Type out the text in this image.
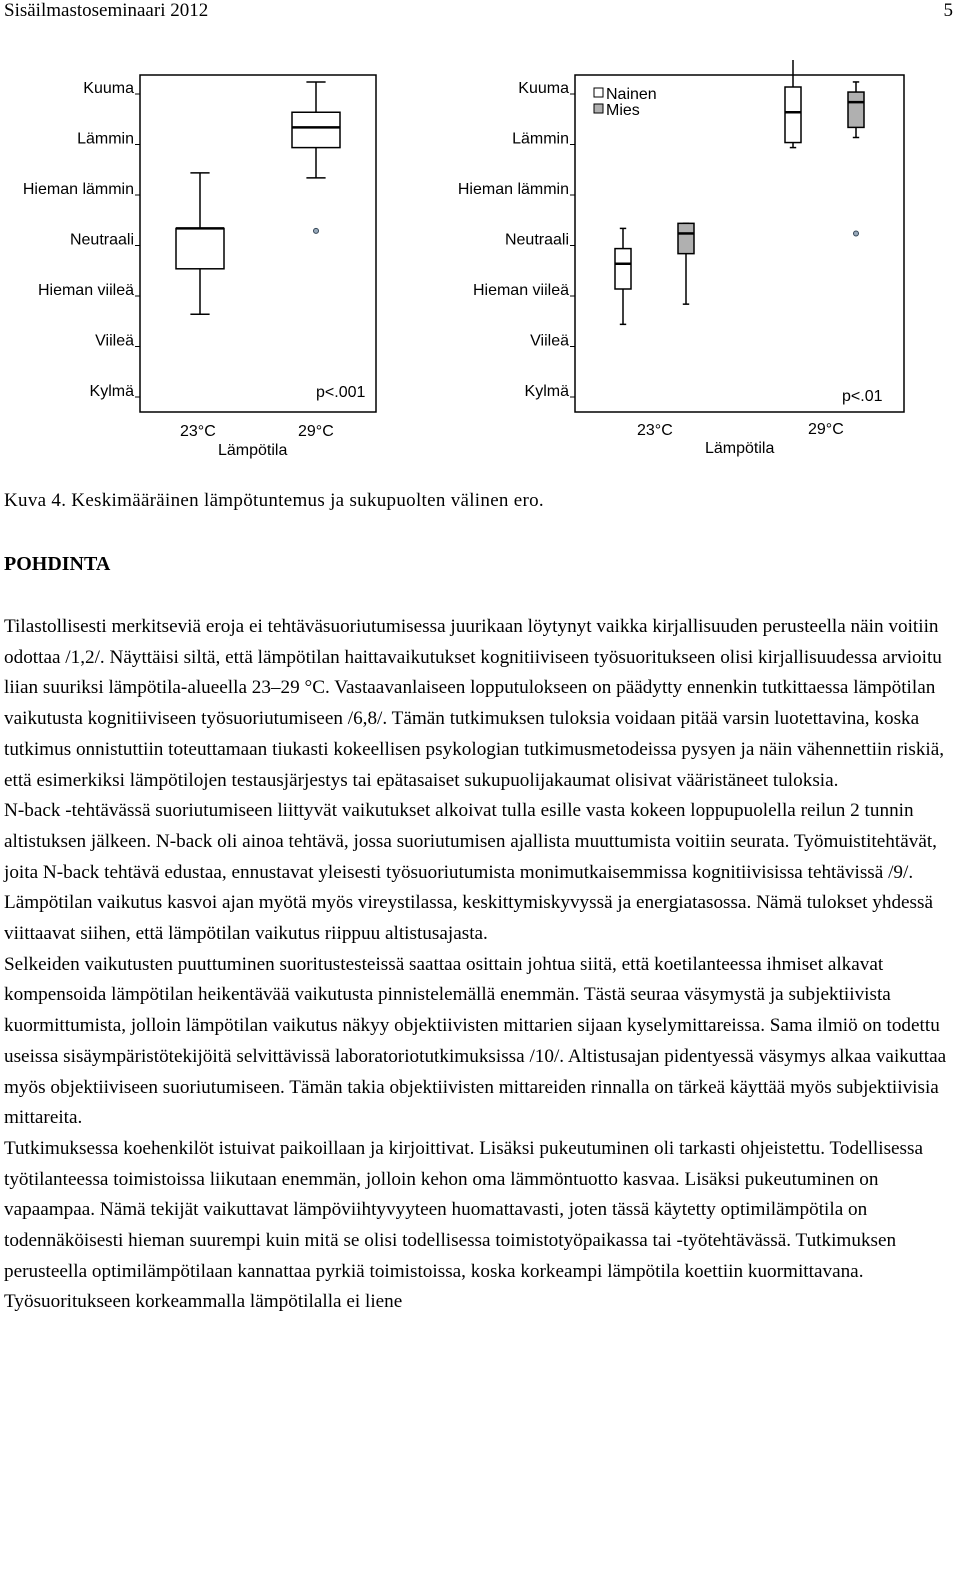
Sisäilmastoseminaari 2012	5
Kylmä
Viileä
Hieman viileä
Neutraali
Hieman lämmin
Lämmin
Kuuma
p<.001
23°C	29°C
Lämpötila
Kylmä
Viileä
Hieman viileä
Neutraali
Hieman lämmin
Lämmin
Kuuma Nainen
Mies
p<.01
23°C	29°C
Lämpötila
Kuva 4. Keskimääräinen lämpötuntemus ja sukupuolten välinen ero.
POHDINTA

Tilastollisesti merkitseviä eroja ei tehtäväsuoriutumisessa juurikaan löytynyt vaikka kirjallisuuden perusteella näin voitiin odottaa /1,2/. Näyttäisi siltä, että lämpötilan haittavaikutukset kognitiiviseen työsuoritukseen olisi kirjallisuudessa arvioitu liian suuriksi lämpötila-alueella 23–29 °C. Vastaavanlaiseen lopputulokseen on päädytty ennenkin tutkittaessa lämpötilan vaikutusta kognitiiviseen työsuoriutumiseen /6,8/. Tämän tutkimuksen tuloksia voidaan pitää varsin luotettavina, koska tutkimus onnistuttiin toteuttamaan tiukasti kokeellisen psykologian tutkimusmetodeissa pysyen ja näin vähennettiin riskiä, että esimerkiksi lämpötilojen testausjärjestys tai epätasaiset sukupuolijakaumat olisivat vääristäneet tuloksia.

N-back -tehtävässä suoriutumiseen liittyvät vaikutukset alkoivat tulla esille vasta kokeen loppupuolella reilun 2 tunnin altistuksen jälkeen. N-back oli ainoa tehtävä, jossa suoriutumisen ajallista muuttumista voitiin seurata. Työmuistitehtävät, joita N-back tehtävä edustaa, ennustavat yleisesti työsuoriutumista monimutkaisemmissa kognitiivisissa tehtävissä /9/. Lämpötilan vaikutus kasvoi ajan myötä myös vireystilassa, keskittymiskyvyssä ja energiatasossa. Nämä tulokset yhdessä viittaavat siihen, että lämpötilan vaikutus riippuu altistusajasta.

Selkeiden vaikutusten puuttuminen suoritustesteissä saattaa osittain johtua siitä, että koetilanteessa ihmiset alkavat kompensoida lämpötilan heikentävää vaikutusta pinnistelemällä enemmän. Tästä seuraa väsymystä ja subjektiivista kuormittumista, jolloin lämpötilan vaikutus näkyy objektiivisten mittarien sijaan kyselymittareissa. Sama ilmiö on todettu useissa sisäympäristötekijöitä selvittävissä laboratoriotutkimuksissa /10/. Altistusajan pidentyessä väsymys alkaa vaikuttaa myös objektiiviseen suoriutumiseen. Tämän takia objektiivisten mittareiden rinnalla on tärkeä käyttää myös subjektiivisia mittareita.

Tutkimuksessa koehenkilöt istuivat paikoillaan ja kirjoittivat. Lisäksi pukeutuminen oli tarkasti ohjeistettu. Todellisessa työtilanteessa toimistoissa liikutaan enemmän, jolloin kehon oma lämmöntuotto kasvaa. Lisäksi pukeutuminen on vapaampaa. Nämä tekijät vaikuttavat lämpöviihtyvyyteen huomattavasti, joten tässä käytetty optimilämpötila on todennäköisesti hieman suurempi kuin mitä se olisi todellisessa toimistotyöpaikassa tai -työtehtävässä. Tutkimuksen perusteella optimilämpötilaan kannattaa pyrkiä toimistoissa, koska korkeampi lämpötila koettiin kuormittavana. Työsuoritukseen korkeammalla lämpötilalla ei liene
